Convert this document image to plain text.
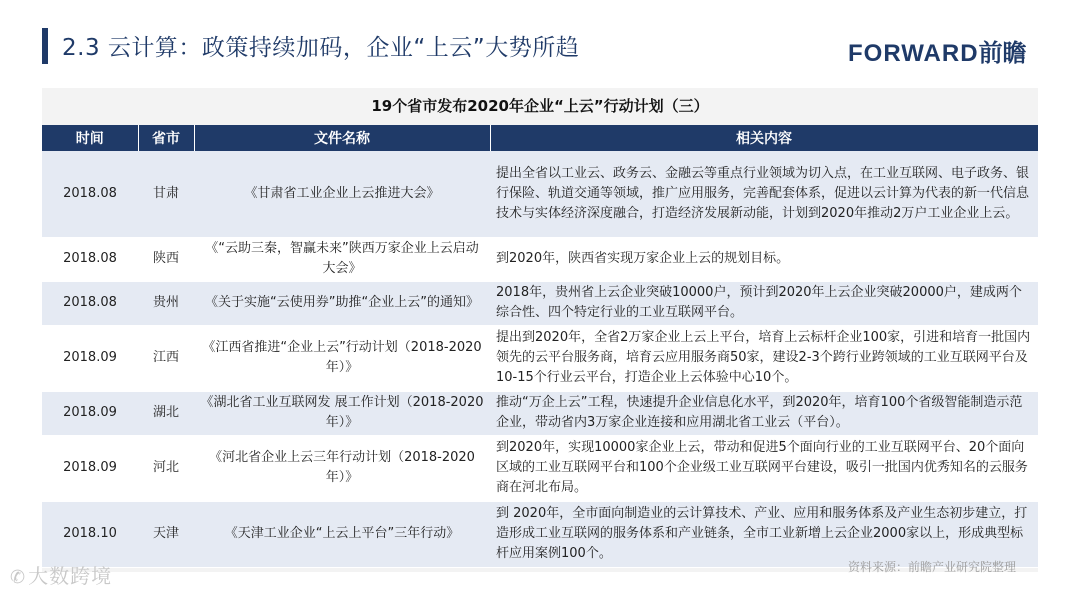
2.3 云计算：政策持续加码，企业“上云”大势所趋	FORWARD前瞻
19个省市发布2020年企业“上云”行动计划（三）
时间	省市	文件名称	相关内容
2018.08	甘肃	《甘肃省工业企业上云推进大会》	提出全省以工业云、政务云、金融云等重点行业领域为切入点，在工业互联网、电子政务、银行保险、轨道交通等领域，推广应用服务，完善配套体系，促进以云计算为代表的新一代信息技术与实体经济深度融合，打造经济发展新动能，计划到2020年推动2万户工业企业上云。
2018.08	陕西	《“云助三秦，智赢未来”陕西万家企业上云启动大会》	到2020年，陕西省实现万家企业上云的规划目标。
2018.08	贵州	《关于实施“云使用券”助推“企业上云”的通知》	2018年，贵州省上云企业突破10000户，预计到2020年上云企业突破20000户，建成两个综合性、四个特定行业的工业互联网平台。
2018.09	江西	《江西省推进“企业上云”行动计划（2018-2020年）》	提出到2020年，全省2万家企业上云上平台，培育上云标杆企业100家，引进和培育一批国内领先的云平台服务商，培育云应用服务商50家，建设2-3个跨行业跨领域的工业互联网平台及10-15个行业云平台，打造企业上云体验中心10个。
2018.09	湖北	《湖北省工业互联网发 展工作计划（2018-2020年）》	推动“万企上云”工程，快速提升企业信息化水平，到2020年，培育100个省级智能制造示范企业，带动省内3万家企业连接和应用湖北省工业云（平台）。
2018.09	河北	《河北省企业上云三年行动计划（2018-2020年）》	到2020年，实现10000家企业上云，带动和促进5个面向行业的工业互联网平台、20个面向区域的工业互联网平台和100个企业级工业互联网平台建设，吸引一批国内优秀知名的云服务商在河北布局。
2018.10	天津	《天津工业企业“上云上平台”三年行动》	到 2020年，全市面向制造业的云计算技术、产业、应用和服务体系及产业生态初步建立，打造形成工业互联网的服务体系和产业链条，全市工业新增上云企业2000家以上，形成典型标杆应用案例100个。
资料来源：前瞻产业研究院整理
✆ 大数跨境
